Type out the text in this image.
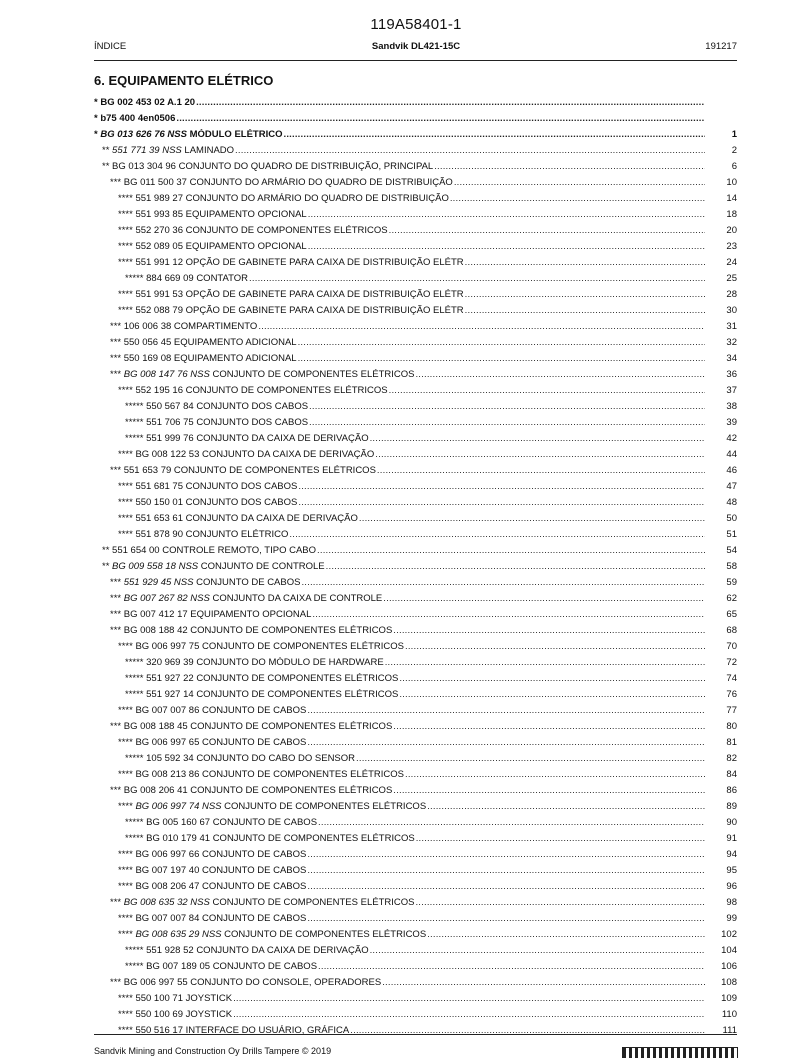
119A58401-1
ÍNDICE	Sandvik DL421-15C	191217
6. EQUIPAMENTO ELÉTRICO
* BG 002 453 02 A.1 20
.....
* b75 400 4en0506
.....
* BG 013 626 76 NSS MÓDULO ELÉTRICO .....	1
** 551 771 39 NSS LAMINADO .....	2
** BG 013 304 96 CONJUNTO DO QUADRO DE DISTRIBUIÇÃO, PRINCIPAL .....	6
*** BG 011 500 37 CONJUNTO DO ARMÁRIO DO QUADRO DE DISTRIBUIÇÃO .....	10
**** 551 989 27 CONJUNTO DO ARMÁRIO DO QUADRO DE DISTRIBUIÇÃO .....	14
**** 551 993 85 EQUIPAMENTO OPCIONAL .....	18
**** 552 270 36 CONJUNTO DE COMPONENTES ELÉTRICOS .....	20
**** 552 089 05 EQUIPAMENTO OPCIONAL .....	23
**** 551 991 12 OPÇÃO DE GABINETE PARA CAIXA DE DISTRIBUIÇÃO ELÉTR .....	24
***** 884 669 09 CONTATOR .....	25
**** 551 991 53 OPÇÃO DE GABINETE PARA CAIXA DE DISTRIBUIÇÃO ELÉTR .....	28
**** 552 088 79 OPÇÃO DE GABINETE PARA CAIXA DE DISTRIBUIÇÃO ELÉTR .....	30
*** 106 006 38 COMPARTIMENTO .....	31
*** 550 056 45 EQUIPAMENTO ADICIONAL .....	32
*** 550 169 08 EQUIPAMENTO ADICIONAL .....	34
*** BG 008 147 76 NSS CONJUNTO DE COMPONENTES ELÉTRICOS .....	36
**** 552 195 16 CONJUNTO DE COMPONENTES ELÉTRICOS .....	37
***** 550 567 84 CONJUNTO DOS CABOS .....	38
***** 551 706 75 CONJUNTO DOS CABOS .....	39
***** 551 999 76 CONJUNTO DA CAIXA DE DERIVAÇÃO .....	42
**** BG 008 122 53 CONJUNTO DA CAIXA DE DERIVAÇÃO .....	44
*** 551 653 79 CONJUNTO DE COMPONENTES ELÉTRICOS .....	46
**** 551 681 75 CONJUNTO DOS CABOS .....	47
**** 550 150 01 CONJUNTO DOS CABOS .....	48
**** 551 653 61 CONJUNTO DA CAIXA DE DERIVAÇÃO .....	50
**** 551 878 90 CONJUNTO ELÉTRICO .....	51
** 551 654 00 CONTROLE REMOTO, TIPO CABO .....	54
** BG 009 558 18 NSS CONJUNTO DE CONTROLE .....	58
*** 551 929 45 NSS CONJUNTO DE CABOS .....	59
*** BG 007 267 82 NSS CONJUNTO DA CAIXA DE CONTROLE .....	62
*** BG 007 412 17 EQUIPAMENTO OPCIONAL .....	65
*** BG 008 188 42 CONJUNTO DE COMPONENTES ELÉTRICOS .....	68
**** BG 006 997 75 CONJUNTO DE COMPONENTES ELÉTRICOS .....	70
***** 320 969 39 CONJUNTO DO MÓDULO DE HARDWARE .....	72
***** 551 927 22 CONJUNTO DE COMPONENTES ELÉTRICOS .....	74
***** 551 927 14 CONJUNTO DE COMPONENTES ELÉTRICOS .....	76
**** BG 007 007 86 CONJUNTO DE CABOS .....	77
*** BG 008 188 45 CONJUNTO DE COMPONENTES ELÉTRICOS .....	80
**** BG 006 997 65 CONJUNTO DE CABOS .....	81
***** 105 592 34 CONJUNTO DO CABO DO SENSOR .....	82
**** BG 008 213 86 CONJUNTO DE COMPONENTES ELÉTRICOS .....	84
*** BG 008 206 41 CONJUNTO DE COMPONENTES ELÉTRICOS .....	86
**** BG 006 997 74 NSS CONJUNTO DE COMPONENTES ELÉTRICOS .....	89
***** BG 005 160 67 CONJUNTO DE CABOS .....	90
***** BG 010 179 41 CONJUNTO DE COMPONENTES ELÉTRICOS .....	91
**** BG 006 997 66 CONJUNTO DE CABOS .....	94
**** BG 007 197 40 CONJUNTO DE CABOS .....	95
**** BG 008 206 47 CONJUNTO DE CABOS .....	96
*** BG 008 635 32 NSS CONJUNTO DE COMPONENTES ELÉTRICOS .....	98
**** BG 007 007 84 CONJUNTO DE CABOS .....	99
**** BG 008 635 29 NSS CONJUNTO DE COMPONENTES ELÉTRICOS .....	102
***** 551 928 52 CONJUNTO DA CAIXA DE DERIVAÇÃO .....	104
***** BG 007 189 05 CONJUNTO DE CABOS .....	106
*** BG 006 997 55 CONJUNTO DO CONSOLE, OPERADORES .....	108
**** 550 100 71 JOYSTICK .....	109
**** 550 100 69 JOYSTICK .....	110
**** 550 516 17 INTERFACE DO USUÁRIO, GRÁFICA .....	111
Sandvik Mining and Construction Oy Drills Tampere © 2019
